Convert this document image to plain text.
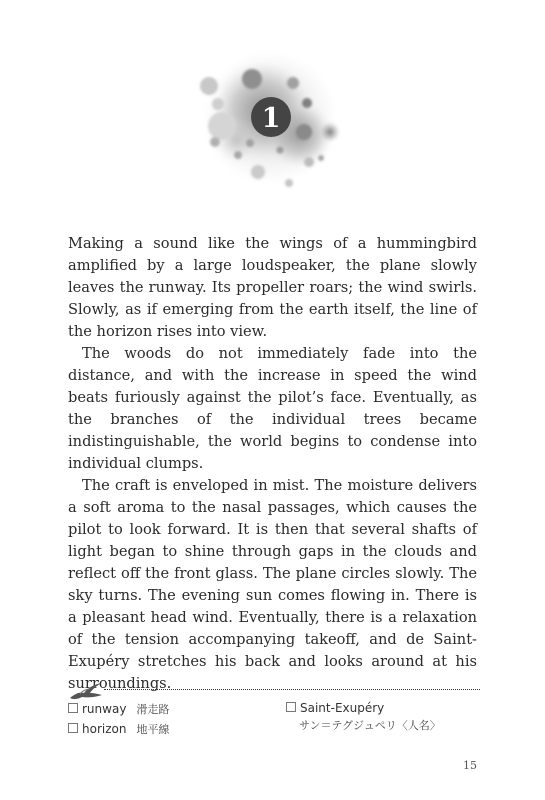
1

Making a sound like the wings of a hummingbird amplified by a large loudspeaker, the plane slowly leaves the runway. Its propeller roars; the wind swirls. Slowly, as if emerging from the earth itself, the line of the horizon rises into view.

The woods do not immediately fade into the distance, and with the increase in speed the wind beats furiously against the pilot’s face. Eventually, as the branches of the individual trees became indistinguishable, the world begins to condense into individual clumps.

The craft is enveloped in mist. The moisture delivers a soft aroma to the nasal passages, which causes the pilot to look forward. It is then that several shafts of light began to shine through gaps in the clouds and reflect off the front glass. The plane circles slowly. The sky turns. The evening sun comes flowing in. There is a pleasant head wind. Eventually, there is a relaxation of the tension accompanying takeoff, and de Saint-Exupéry stretches his back and looks around at his surroundings.

runway 滑走路
horizon 地平線
Saint-Exupéry
サン＝テグジュペリ〈人名〉
15
